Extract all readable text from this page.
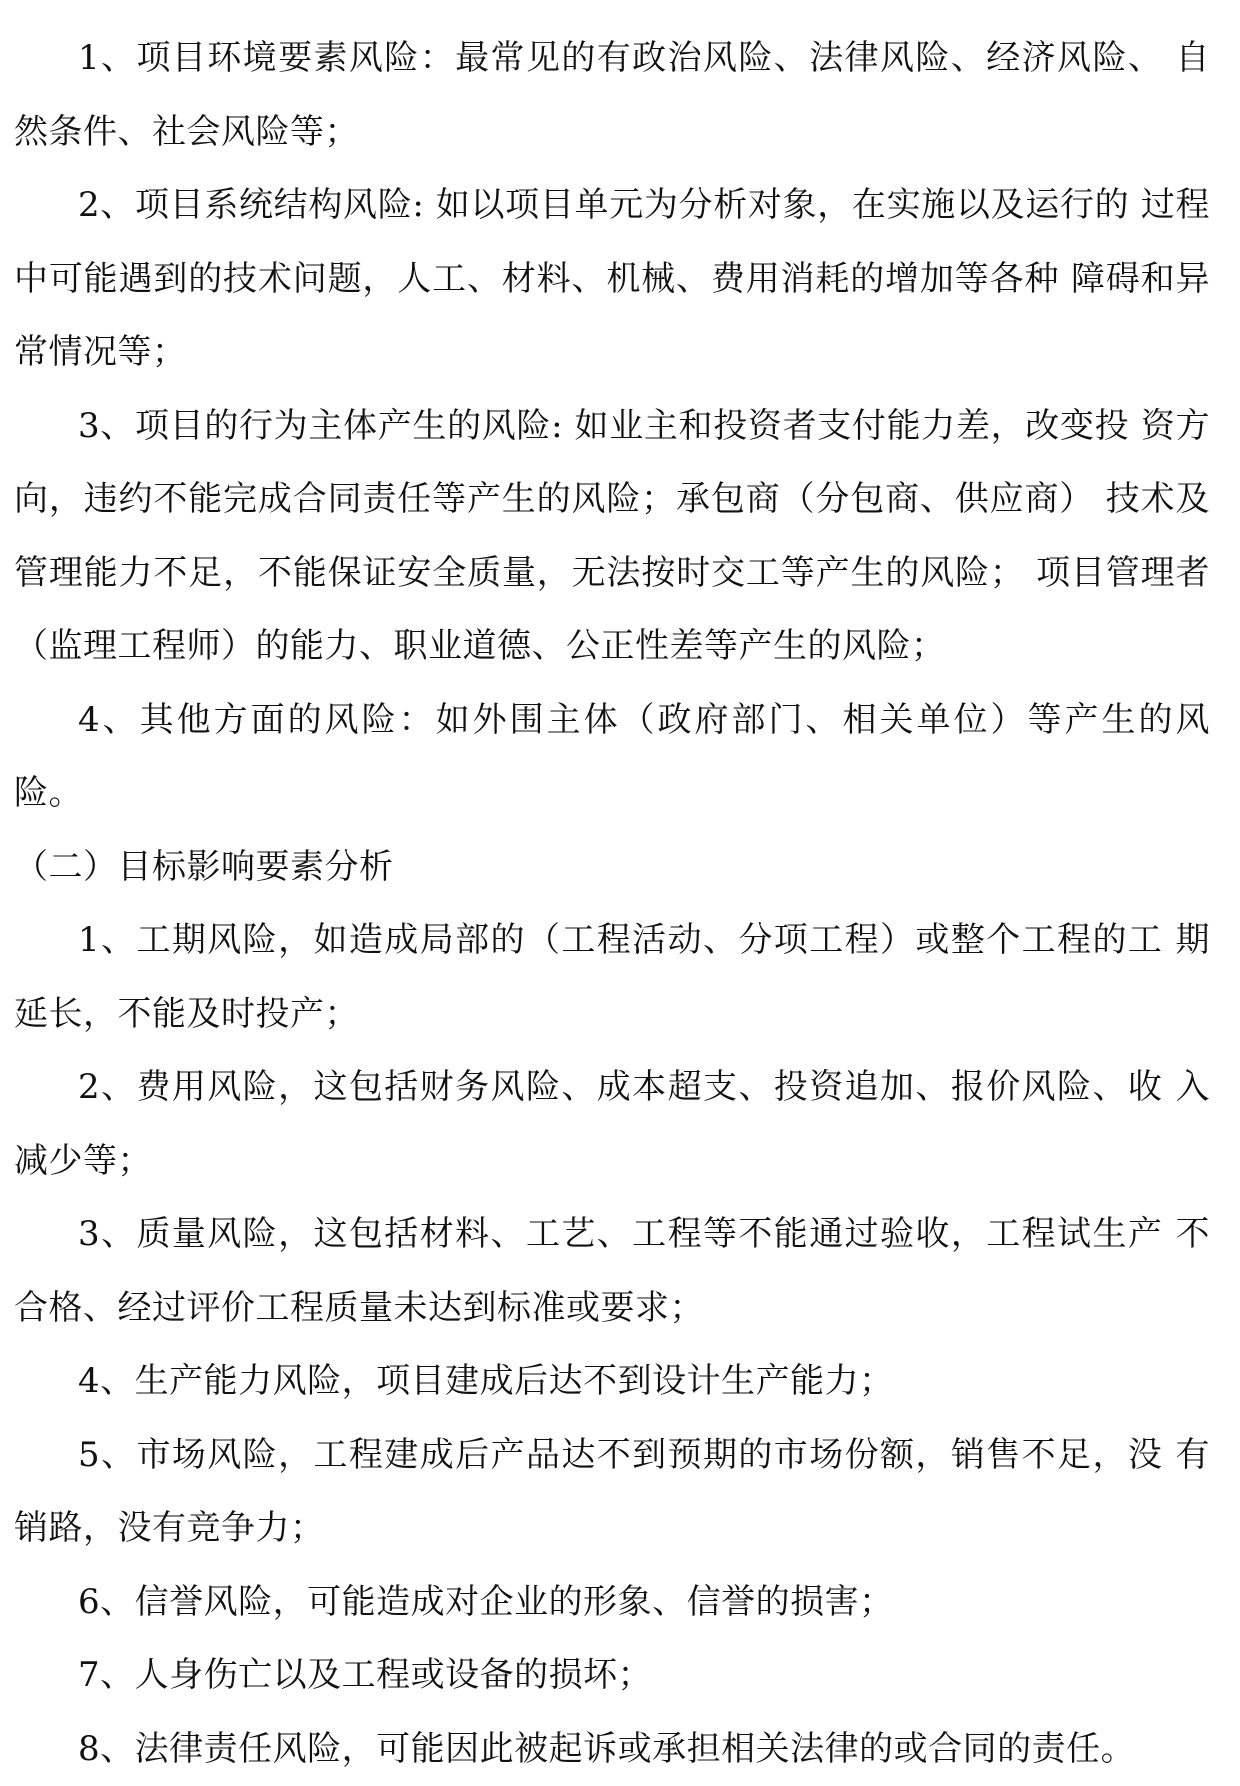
1、项目环境要素风险：最常见的有政治风险、法律风险、经济风险、 自然条件、社会风险等；

2、项目系统结构风险: 如以项目单元为分析对象，在实施以及运行的 过程中可能遇到的技术问题，人工、材料、机械、费用消耗的增加等各种 障碍和异常情况等；

3、项目的行为主体产生的风险: 如业主和投资者支付能力差，改变投 资方向，违约不能完成合同责任等产生的风险；承包商（分包商、供应商） 技术及管理能力不足，不能保证安全质量，无法按时交工等产生的风险； 项目管理者（监理工程师）的能力、职业道德、公正性差等产生的风险；

4、其他方面的风险：如外围主体（政府部门、相关单位）等产生的风 险。

（二）目标影响要素分析

1、工期风险，如造成局部的（工程活动、分项工程）或整个工程的工 期延长，不能及时投产；

2、费用风险，这包括财务风险、成本超支、投资追加、报价风险、收 入减少等；

3、质量风险，这包括材料、工艺、工程等不能通过验收，工程试生产 不合格、经过评价工程质量未达到标准或要求；

4、生产能力风险，项目建成后达不到设计生产能力；

5、市场风险，工程建成后产品达不到预期的市场份额，销售不足，没 有销路，没有竞争力；

6、信誉风险，可能造成对企业的形象、信誉的损害；

7、人身伤亡以及工程或设备的损坏；

8、法律责任风险，可能因此被起诉或承担相关法律的或合同的责任。
